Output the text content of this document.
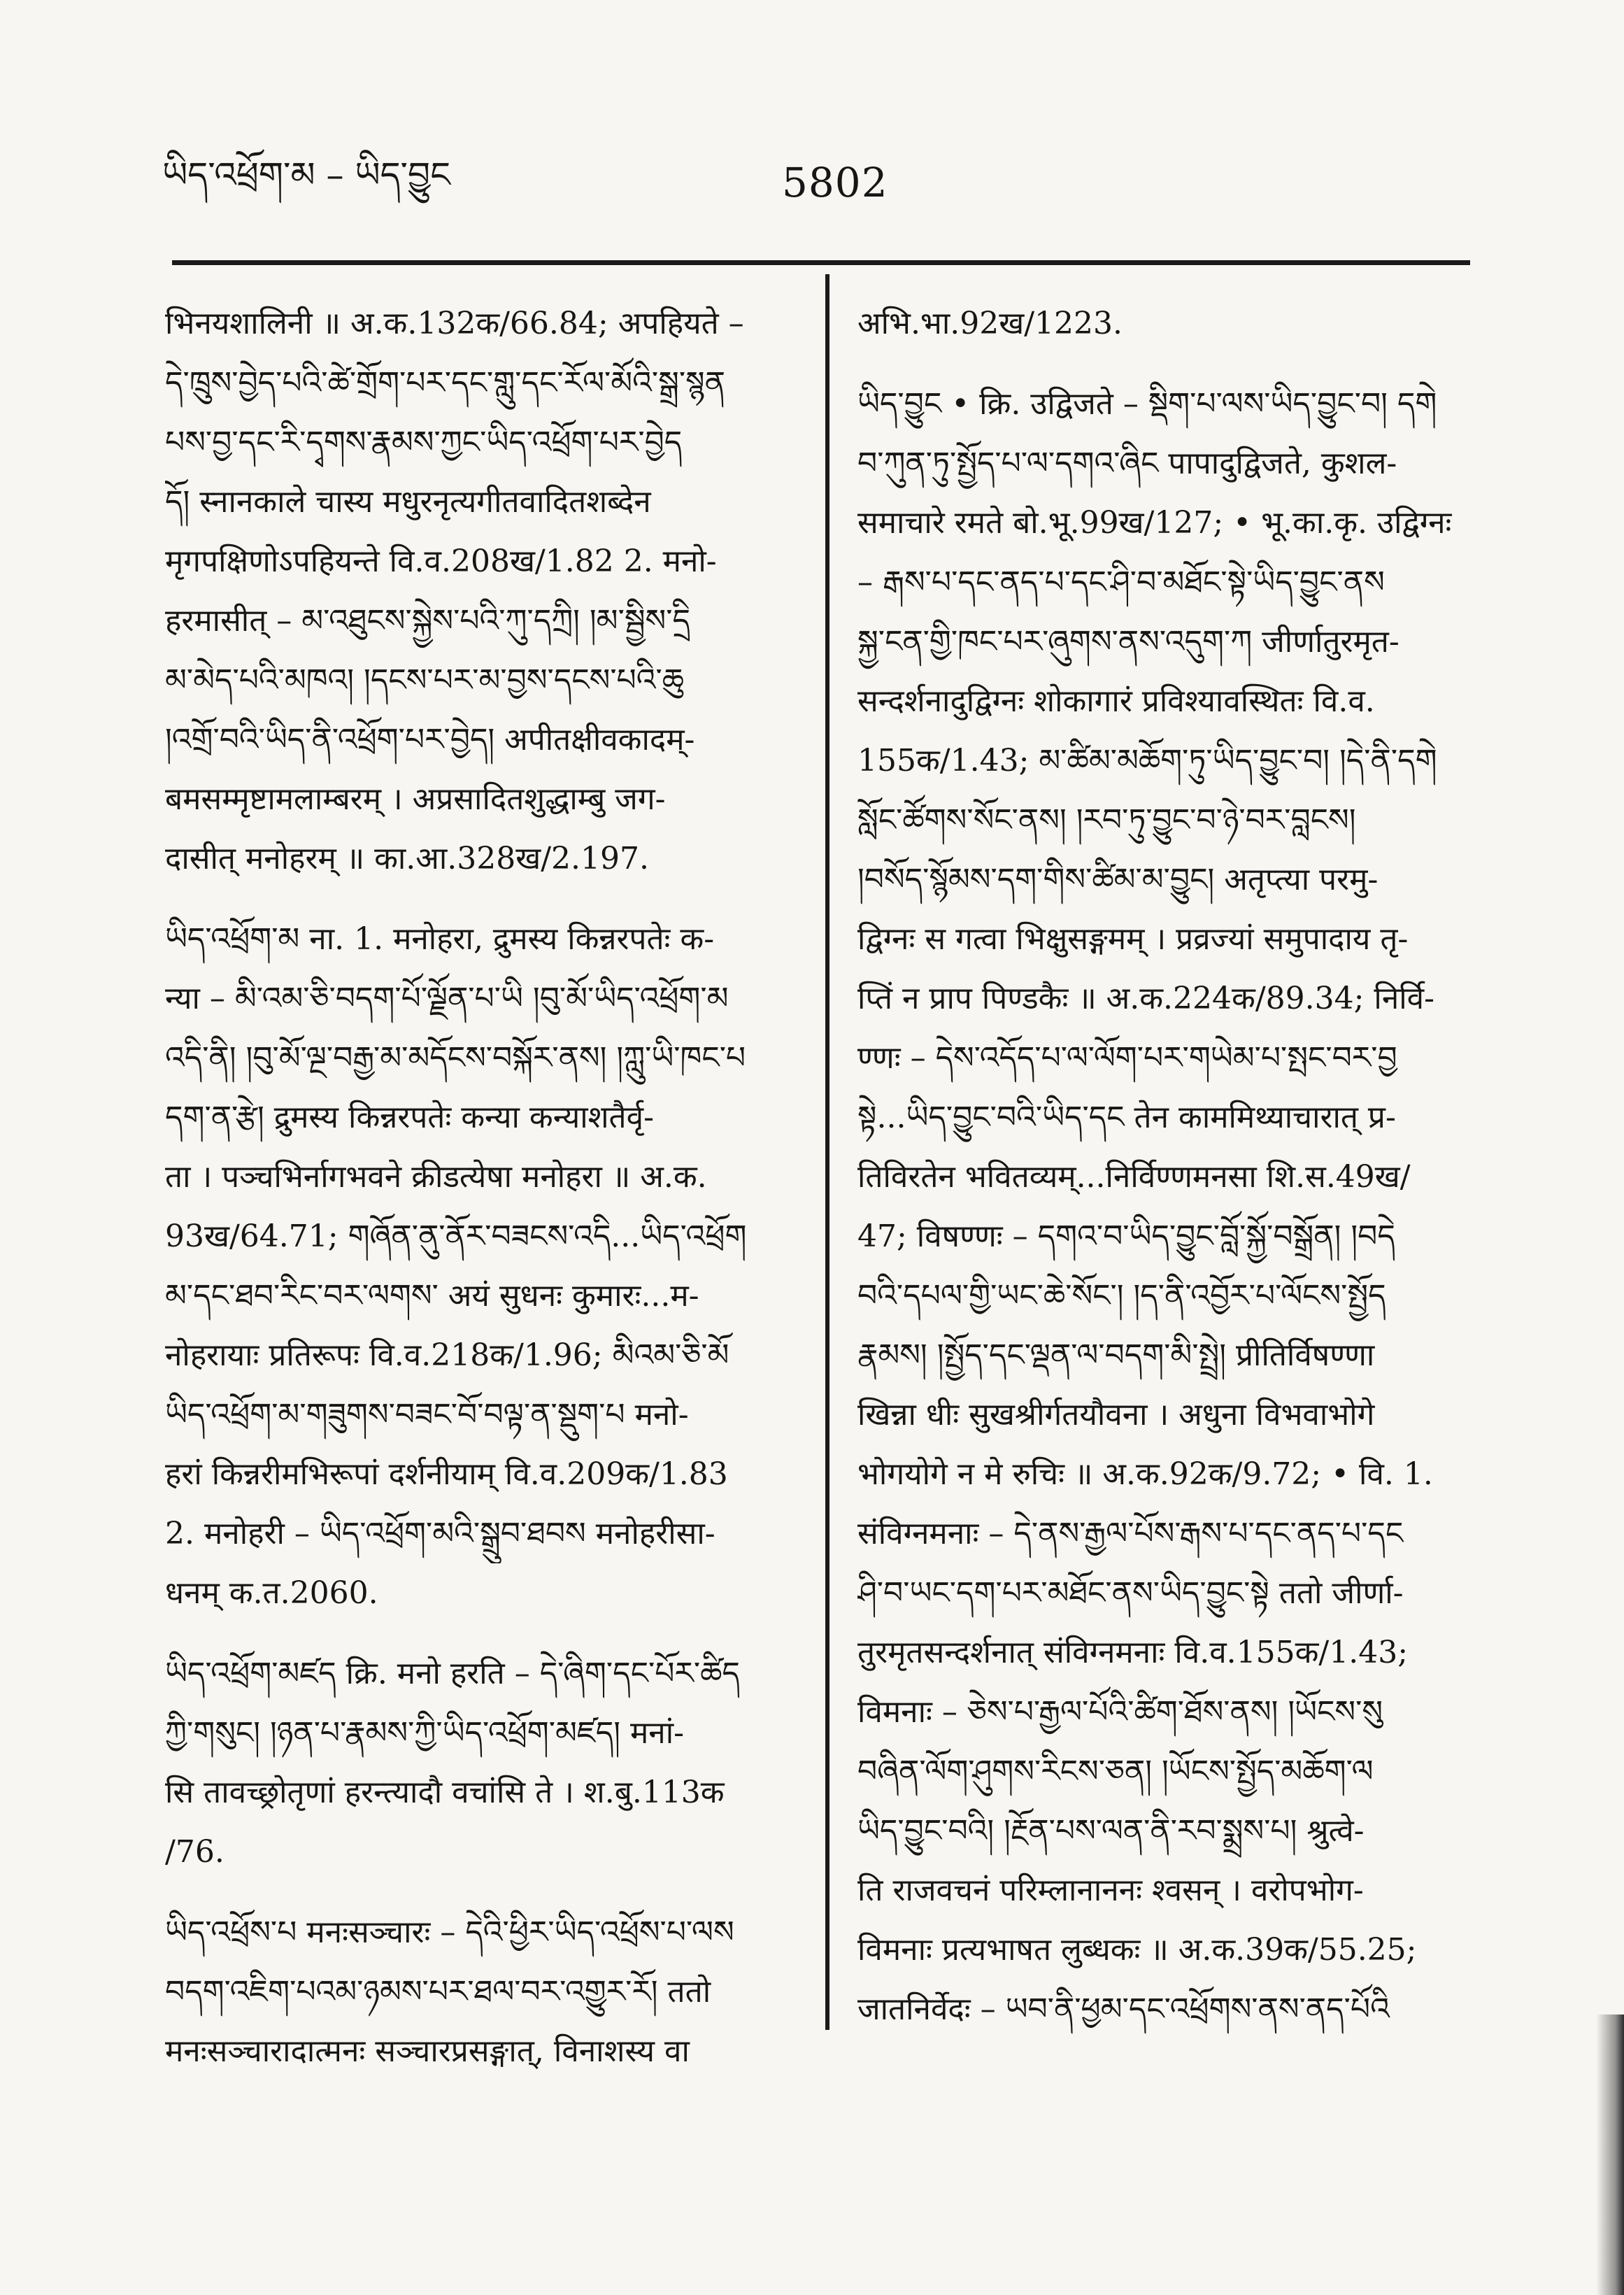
ཡིད་འཕྲོག་མ – ཡིད་བྱུང	5802
भिनयशालिनी ॥ अ.क.132क/66.84; अपहियते –
དེ་ཁྲུས་བྱེད་པའི་ཚེ་གྲོག་པར་དང་གླུ་དང་རོལ་མོའི་སྒྲ་སྙན
པས་བྱ་དང་རི་དྭགས་རྣམས་ཀྱང་ཡིད་འཕྲོག་པར་བྱེད
དོ། स्नानकाले चास्य मधुरनृत्यगीतवादितशब्देन
मृगपक्षिणोऽपहियन्ते वि.व.208ख/1.82 2. मनो-
हरमासीत् – མ་འཐུངས་སྐྱེས་པའི་ཀུ་དཀྲི། །མ་སྦྱིས་དྲི
མ་མེད་པའི་མཁའ། །དངས་པར་མ་བྱས་དངས་པའི་ཆུ
།འགྲོ་བའི་ཡིད་ནི་འཕྲོག་པར་བྱེད། अपीतक्षीवकादम्-
बमसम्मृष्टामलाम्बरम् । अप्रसादितशुद्धाम्बु जग-
दासीत् मनोहरम् ॥ का.आ.328ख/2.197.
ཡིད་འཕྲོག་མ ना. 1. मनोहरा, द्रुमस्य किन्नरपतेः क-
न्या – མི་འམ་ཅི་བདག་པོ་ལྗོན་པ་ཡི །བུ་མོ་ཡིད་འཕྲོག་མ
འདི་ནི། །བུ་མོ་ལྔ་བརྒྱ་མ་མདོངས་བསྐོར་ནས། །ཀླུ་ཡི་ཁང་པ
དག་ན་རྩེ། द्रुमस्य किन्नरपतेः कन्या कन्याशतैर्वृ-
ता । पञ्चभिर्नागभवने क्रीडत्येषा मनोहरा ॥ अ.क.
93ख/64.71; གཞོན་ནུ་ནོར་བཟངས་འདི...ཡིད་འཕྲོག
མ་དང་ཐབ་རིང་བར་ལགས་ अयं सुधनः कुमारः...म-
नोहरायाः प्रतिरूपः वि.व.218क/1.96; མིའམ་ཅི་མོ
ཡིད་འཕྲོག་མ་གཟུགས་བཟང་བོ་བལྟ་ན་སྡུག་པ मनो-
हरां किन्नरीमभिरूपां दर्शनीयाम् वि.व.209क/1.83
2. मनोहरी – ཡིད་འཕྲོག་མའི་སྒྲུབ་ཐབས मनोहरीसा-
धनम् क.त.2060.
ཡིད་འཕྲོག་མཛད क्रि. मनो हरति – དེ་ཞིག་དང་པོར་ཚིད
ཀྱི་གསུང། །ཉན་པ་རྣམས་ཀྱི་ཡིད་འཕྲོག་མཛད། मनां-
सि तावच्छ्रोतृणां हरन्त्यादौ वचांसि ते । श.बु.113क
/76.
ཡིད་འཕྲོས་པ मनःसञ्चारः – དེའི་ཕྱིར་ཡིད་འཕྲོས་པ་ལས
བདག་འཇིག་པའམ་ཉམས་པར་ཐལ་བར་འགྱུར་རོ། ततो
मनःसञ्चारादात्मनः सञ्चारप्रसङ्गात्, विनाशस्य वा
अभि.भा.92ख/1223.
ཡིད་བྱུང • क्रि. उद्विजते – སྡིག་པ་ལས་ཡིད་བྱུང་བ། དགེ
བ་ཀུན་ཏུ་སྤྱོད་པ་ལ་དགའ་ཞིང पापादुद्विजते, कुशल-
समाचारे रमते बो.भू.99ख/127; • भू.का.कृ. उद्विग्नः
– རྒས་པ་དང་ནད་པ་དང་ཤི་བ་མཐོང་སྟེ་ཡིད་བྱུང་ནས
སྐྱ་ངན་གྱི་ཁང་པར་ཞུགས་ནས་འདུག་ཀ जीर्णातुरमृत-
सन्दर्शनादुद्विग्नः शोकागारं प्रविश्यावस्थितः वि.व.
155क/1.43; མ་ཚིམ་མཆོག་ཏུ་ཡིད་བྱུང་བ། །དེ་ནི་དགེ
སློང་ཚོགས་སོང་ནས། །རབ་ཏུ་བྱུང་བ་ཉེ་བར་བླངས།
།བསོད་སྙོམས་དག་གིས་ཚིམ་མ་བྱུང། अतृप्त्या परमु-
द्विग्नः स गत्वा भिक्षुसङ्गमम् । प्रव्रज्यां समुपादाय तृ-
प्तिं न प्राप पिण्डकैः ॥ अ.क.224क/89.34; निर्वि-
ण्णः – དེས་འདོད་པ་ལ་ལོག་པར་གཡེམ་པ་སྤང་བར་བྱ
སྟེ...ཡིད་བྱུང་བའི་ཡིད་དང तेन काममिथ्याचारात् प्र-
तिविरतेन भवितव्यम्...निर्विण्णमनसा शि.स.49ख/
47; विषण्णः – དགའ་བ་ཡིད་བྱུང་བློ་སྐྱོ་བསྒྲོན། །བདེ
བའི་དཔལ་གྱི་ཡང་ཆེ་སོང་། །ད་ནི་འབྱོར་པ་ལོངས་སྤྱོད
རྣམས། །སྤྱོད་དང་ལྡན་ལ་བདག་མི་སྤྲེ། प्रीतिर्विषण्णा
खिन्ना धीः सुखश्रीर्गतयौवना । अधुना विभवाभोगे
भोगयोगे न मे रुचिः ॥ अ.क.92क/9.72; • वि. 1.
संविग्नमनाः – དེ་ནས་རྒྱལ་པོས་རྒས་པ་དང་ནད་པ་དང
ཤི་བ་ཡང་དག་པར་མཐོང་ནས་ཡིད་བྱུང་སྟེ ततो जीर्णा-
तुरमृतसन्दर्शनात् संविग्नमनाः वि.व.155क/1.43;
विमनाः – ཅེས་པ་རྒྱལ་པོའི་ཚིག་ཐོས་ནས། །ཡོངས་སུ
བཞིན་ལོག་ཤུགས་རིངས་ཅན། །ཡོངས་སྤྱོད་མཆོག་ལ
ཡིད་བྱུང་བའི། །རྔོན་པས་ལན་ནི་རབ་སྨྲས་པ། श्रुत्वे-
ति राजवचनं परिम्लानाननः श्वसन् । वरोपभोग-
विमनाः प्रत्यभाषत लुब्धकः ॥ अ.क.39क/55.25;
जातनिर्वेदः – ཡབ་ནི་ཕྱམ་དང་འཕྲོགས་ནས་ནད་པོའི
